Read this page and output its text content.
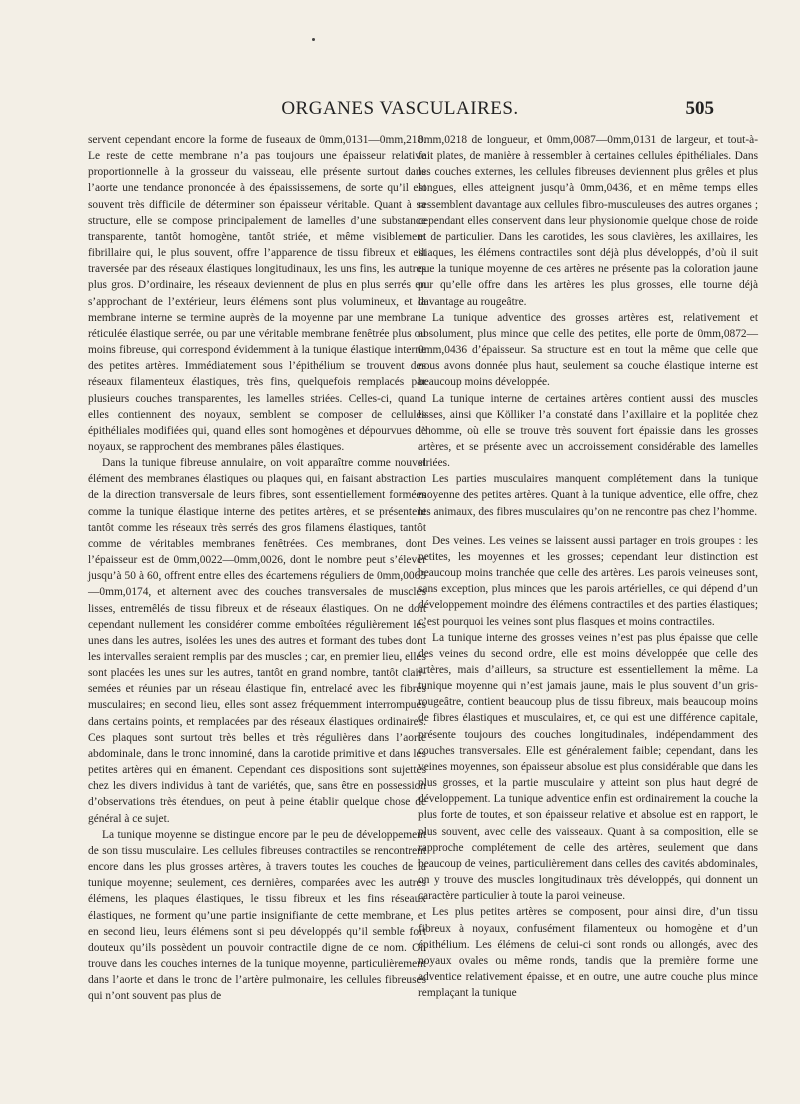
ORGANES VASCULAIRES.	505

servent cependant encore la forme de fuseaux de 0mm,0131—0mm,218. Le reste de cette membrane n’a pas toujours une épaisseur relative proportionnelle à la grosseur du vaisseau, elle présente surtout dans l’aorte une tendance prononcée à des épaississemens, de sorte qu’il est souvent très difficile de déterminer son épaisseur véritable. Quant à sa structure, elle se compose principalement de lamelles d’une substance transparente, tantôt homogène, tantôt striée, et même visiblement fibrillaire qui, le plus souvent, offre l’apparence de tissu fibreux et est traversée par des réseaux élastiques longitudinaux, les uns fins, les autres plus gros. D’ordinaire, les réseaux deviennent de plus en plus serrés en s’approchant de l’extérieur, leurs élémens sont plus volumineux, et la membrane interne se termine auprès de la moyenne par une membrane réticulée élastique serrée, ou par une véritable membrane fenêtrée plus ou moins fibreuse, qui correspond évidemment à la tunique élastique interne des petites artères. Immédiatement sous l’épithélium se trouvent des réseaux filamenteux élastiques, très fins, quelquefois remplacés par plusieurs couches transparentes, les lamelles striées. Celles-ci, quand elles contiennent des noyaux, semblent se composer de cellules épithéliales modifiées qui, quand elles sont homogènes et dépourvues de noyaux, se rapprochent des membranes pâles élastiques.

Dans la tunique fibreuse annulaire, on voit apparaître comme nouvel élément des membranes élastiques ou plaques qui, en faisant abstraction de la direction transversale de leurs fibres, sont essentiellement formées comme la tunique élastique interne des petites artères, et se présentent tantôt comme les réseaux très serrés des gros filamens élastiques, tantôt comme de véritables membranes fenêtrées. Ces membranes, dont l’épaisseur est de 0mm,0022—0mm,0026, dont le nombre peut s’élever jusqu’à 50 à 60, offrent entre elles des écartemens réguliers de 0mm,0065—0mm,0174, et alternent avec des couches transversales de muscles lisses, entremêlés de tissu fibreux et de réseaux élastiques. On ne doit cependant nullement les considérer comme emboîtées régulièrement les unes dans les autres, isolées les unes des autres et formant des tubes dont les intervalles seraient remplis par des muscles ; car, en premier lieu, elles sont placées les unes sur les autres, tantôt en grand nombre, tantôt clair-semées et réunies par un réseau élastique fin, entrelacé avec les fibres musculaires; en second lieu, elles sont assez fréquemment interrompues dans certains points, et remplacées par des réseaux élastiques ordinaires. Ces plaques sont surtout très belles et très régulières dans l’aorte abdominale, dans le tronc innominé, dans la carotide primitive et dans les petites artères qui en émanent. Cependant ces dispositions sont sujettes chez les divers individus à tant de variétés, que, sans être en possession d’observations très étendues, on peut à peine établir quelque chose de général à ce sujet.

La tunique moyenne se distingue encore par le peu de développement de son tissu musculaire. Les cellules fibreuses contractiles se rencontrent encore dans les plus grosses artères, à travers toutes les couches de la tunique moyenne; seulement, ces dernières, comparées avec les autres élémens, les plaques élastiques, le tissu fibreux et les fins réseaux élastiques, ne forment qu’une partie insignifiante de cette membrane, et en second lieu, leurs élémens sont si peu développés qu’il semble fort douteux qu’ils possèdent un pouvoir contractile digne de ce nom. On trouve dans les couches internes de la tunique moyenne, particulièrement dans l’aorte et dans le tronc de l’artère pulmonaire, les cellules fibreuses qui n’ont souvent pas plus de

0mm,0218 de longueur, et 0mm,0087—0mm,0131 de largeur, et tout-à-fait plates, de manière à ressembler à certaines cellules épithéliales. Dans les couches externes, les cellules fibreuses deviennent plus grêles et plus longues, elles atteignent jusqu’à 0mm,0436, et en même temps elles ressemblent davantage aux cellules fibro-musculeuses des autres organes ; cependant elles conservent dans leur physionomie quelque chose de roide et de particulier. Dans les carotides, les sous clavières, les axillaires, les iliaques, les élémens contractiles sont déjà plus développés, d’où il suit que la tunique moyenne de ces artères ne présente pas la coloration jaune pur qu’elle offre dans les artères les plus grosses, elle tourne déjà davantage au rougeâtre.

La tunique adventice des grosses artères est, relativement et absolument, plus mince que celle des petites, elle porte de 0mm,0872—0mm,0436 d’épaisseur. Sa structure est en tout la même que celle que nous avons donnée plus haut, seulement sa couche élastique interne est beaucoup moins développée.

La tunique interne de certaines artères contient aussi des muscles lisses, ainsi que Kölliker l’a constaté dans l’axillaire et la poplitée chez l’homme, où elle se trouve très souvent fort épaissie dans les grosses artères, et se présente avec un accroissement considérable des lamelles striées.

Les parties musculaires manquent complétement dans la tunique moyenne des petites artères. Quant à la tunique adventice, elle offre, chez les animaux, des fibres musculaires qu’on ne rencontre pas chez l’homme.

Des veines. Les veines se laissent aussi partager en trois groupes : les petites, les moyennes et les grosses; cependant leur distinction est beaucoup moins tranchée que celle des artères. Les parois veineuses sont, sans exception, plus minces que les parois artérielles, ce qui dépend d’un développement moindre des élémens contractiles et des parties élastiques; c’est pourquoi les veines sont plus flasques et moins contractiles.

La tunique interne des grosses veines n’est pas plus épaisse que celle des veines du second ordre, elle est moins développée que celle des artères, mais d’ailleurs, sa structure est essentiellement la même. La tunique moyenne qui n’est jamais jaune, mais le plus souvent d’un gris-rougeâtre, contient beaucoup plus de tissu fibreux, mais beaucoup moins de fibres élastiques et musculaires, et, ce qui est une différence capitale, présente toujours des couches longitudinales, indépendamment des couches transversales. Elle est généralement faible; cependant, dans les veines moyennes, son épaisseur absolue est plus considérable que dans les plus grosses, et la partie musculaire y atteint son plus haut degré de développement. La tunique adventice enfin est ordinairement la couche la plus forte de toutes, et son épaisseur relative et absolue est en rapport, le plus souvent, avec celle des vaisseaux. Quant à sa composition, elle se rapproche complétement de celle des artères, seulement que dans beaucoup de veines, particulièrement dans celles des cavités abdominales, on y trouve des muscles longitudinaux très développés, qui donnent un caractère particulier à toute la paroi veineuse.

Les plus petites artères se composent, pour ainsi dire, d’un tissu fibreux à noyaux, confusément filamenteux ou homogène et d’un épithélium. Les élémens de celui-ci sont ronds ou allongés, avec des noyaux ovales ou même ronds, tandis que la première forme une adventice relativement épaisse, et en outre, une autre couche plus mince remplaçant la tunique
